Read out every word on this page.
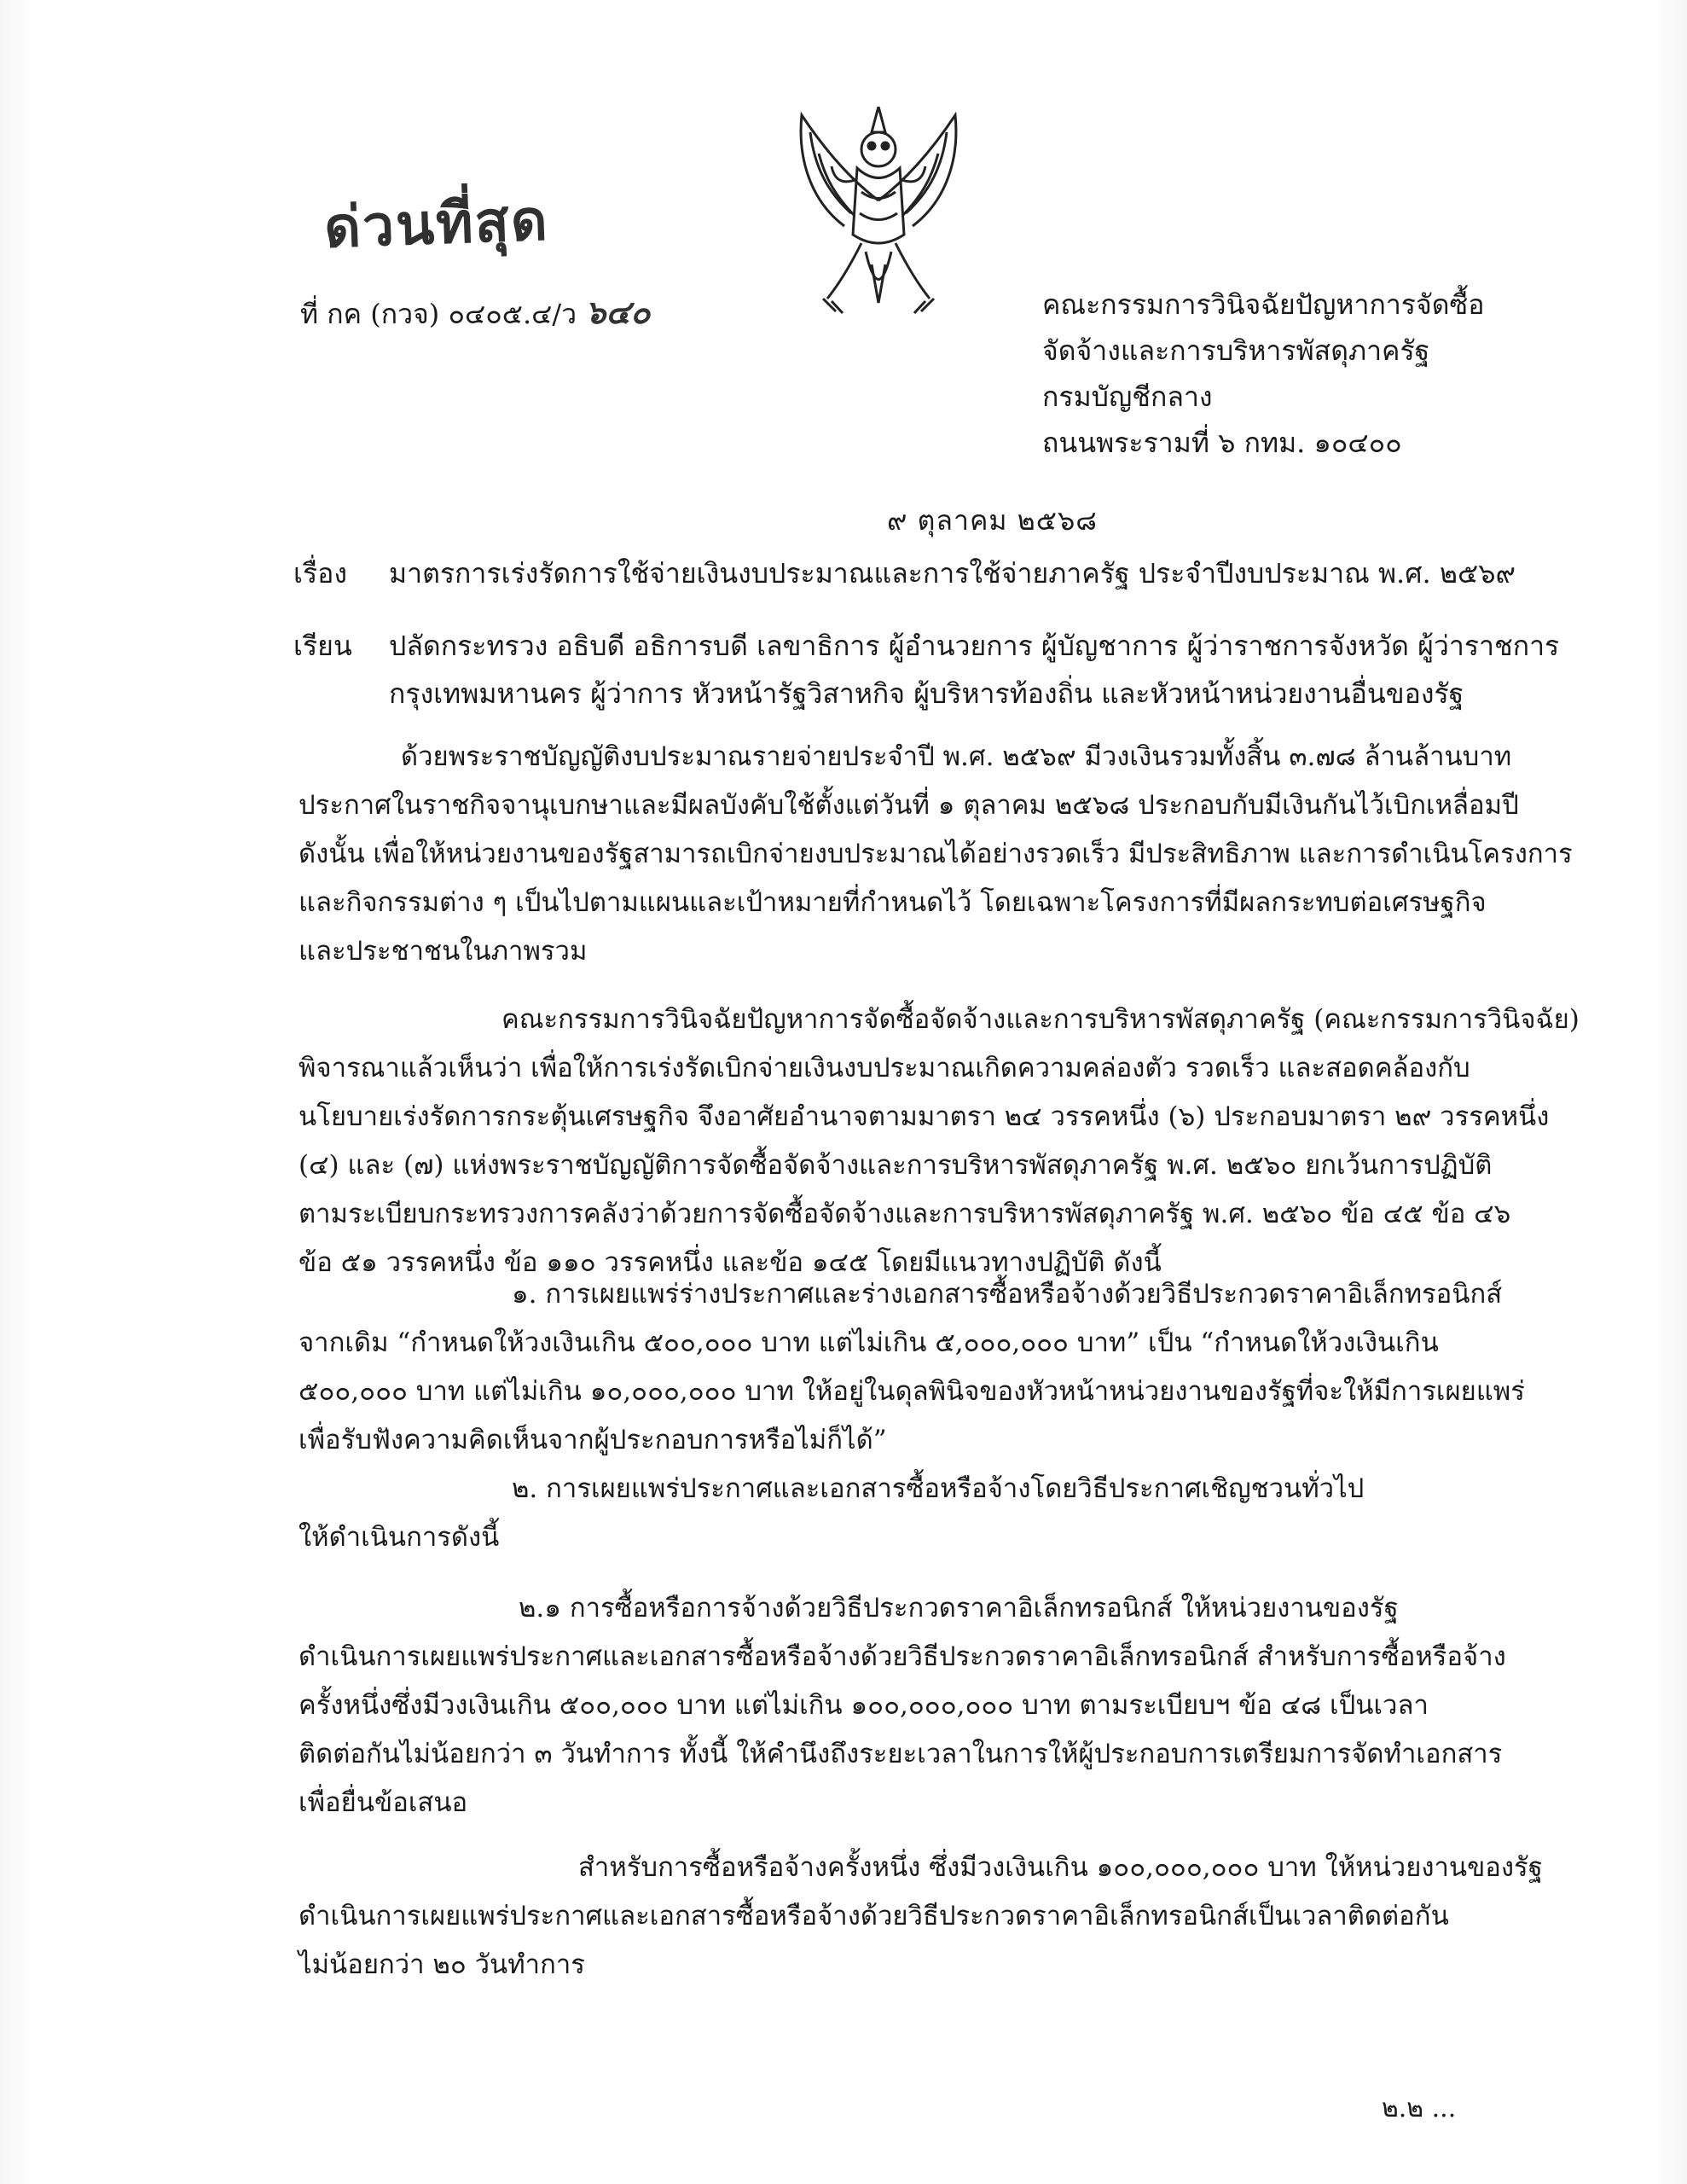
ด่วนที่สุด
ที่ กค (กวจ) ๐๔๐๕.๔/ว ๖๔๐	คณะกรรมการวินิจฉัยปัญหาการจัดซื้อ
จัดจ้างและการบริหารพัสดุภาครัฐ
กรมบัญชีกลาง
ถนนพระรามที่ ๖ กทม. ๑๐๔๐๐
๙ ตุลาคม ๒๕๖๘
เรื่อง มาตรการเร่งรัดการใช้จ่ายเงินงบประมาณและการใช้จ่ายภาครัฐ ประจำปีงบประมาณ พ.ศ. ๒๕๖๙
เรียน ปลัดกระทรวง อธิบดี อธิการบดี เลขาธิการ ผู้อำนวยการ ผู้บัญชาการ ผู้ว่าราชการจังหวัด ผู้ว่าราชการ
กรุงเทพมหานคร ผู้ว่าการ หัวหน้ารัฐวิสาหกิจ ผู้บริหารท้องถิ่น และหัวหน้าหน่วยงานอื่นของรัฐ
ด้วยพระราชบัญญัติงบประมาณรายจ่ายประจำปี พ.ศ. ๒๕๖๙ มีวงเงินรวมทั้งสิ้น ๓.๗๘ ล้านล้านบาท
ประกาศในราชกิจจานุเบกษาและมีผลบังคับใช้ตั้งแต่วันที่ ๑ ตุลาคม ๒๕๖๘ ประกอบกับมีเงินกันไว้เบิกเหลื่อมปี
ดังนั้น เพื่อให้หน่วยงานของรัฐสามารถเบิกจ่ายงบประมาณได้อย่างรวดเร็ว มีประสิทธิภาพ และการดำเนินโครงการ
และกิจกรรมต่าง ๆ เป็นไปตามแผนและเป้าหมายที่กำหนดไว้ โดยเฉพาะโครงการที่มีผลกระทบต่อเศรษฐกิจ
และประชาชนในภาพรวม
คณะกรรมการวินิจฉัยปัญหาการจัดซื้อจัดจ้างและการบริหารพัสดุภาครัฐ (คณะกรรมการวินิจฉัย)
พิจารณาแล้วเห็นว่า เพื่อให้การเร่งรัดเบิกจ่ายเงินงบประมาณเกิดความคล่องตัว รวดเร็ว และสอดคล้องกับ
นโยบายเร่งรัดการกระตุ้นเศรษฐกิจ จึงอาศัยอำนาจตามมาตรา ๒๔ วรรคหนึ่ง (๖) ประกอบมาตรา ๒๙ วรรคหนึ่ง
(๔) และ (๗) แห่งพระราชบัญญัติการจัดซื้อจัดจ้างและการบริหารพัสดุภาครัฐ พ.ศ. ๒๕๖๐ ยกเว้นการปฏิบัติ
ตามระเบียบกระทรวงการคลังว่าด้วยการจัดซื้อจัดจ้างและการบริหารพัสดุภาครัฐ พ.ศ. ๒๕๖๐ ข้อ ๔๕ ข้อ ๔๖
ข้อ ๕๑ วรรคหนึ่ง ข้อ ๑๑๐ วรรคหนึ่ง และข้อ ๑๔๕ โดยมีแนวทางปฏิบัติ ดังนี้
๑. การเผยแพร่ร่างประกาศและร่างเอกสารซื้อหรือจ้างด้วยวิธีประกวดราคาอิเล็กทรอนิกส์
จากเดิม “กำหนดให้วงเงินเกิน ๕๐๐,๐๐๐ บาท แต่ไม่เกิน ๕,๐๐๐,๐๐๐ บาท” เป็น “กำหนดให้วงเงินเกิน
๕๐๐,๐๐๐ บาท แต่ไม่เกิน ๑๐,๐๐๐,๐๐๐ บาท ให้อยู่ในดุลพินิจของหัวหน้าหน่วยงานของรัฐที่จะให้มีการเผยแพร่
เพื่อรับฟังความคิดเห็นจากผู้ประกอบการหรือไม่ก็ได้”
๒. การเผยแพร่ประกาศและเอกสารซื้อหรือจ้างโดยวิธีประกาศเชิญชวนทั่วไป
ให้ดำเนินการดังนี้
๒.๑ การซื้อหรือการจ้างด้วยวิธีประกวดราคาอิเล็กทรอนิกส์ ให้หน่วยงานของรัฐ
ดำเนินการเผยแพร่ประกาศและเอกสารซื้อหรือจ้างด้วยวิธีประกวดราคาอิเล็กทรอนิกส์ สำหรับการซื้อหรือจ้าง
ครั้งหนึ่งซึ่งมีวงเงินเกิน ๕๐๐,๐๐๐ บาท แต่ไม่เกิน ๑๐๐,๐๐๐,๐๐๐ บาท ตามระเบียบฯ ข้อ ๔๘ เป็นเวลา
ติดต่อกันไม่น้อยกว่า ๓ วันทำการ ทั้งนี้ ให้คำนึงถึงระยะเวลาในการให้ผู้ประกอบการเตรียมการจัดทำเอกสาร
เพื่อยื่นข้อเสนอ
สำหรับการซื้อหรือจ้างครั้งหนึ่ง ซึ่งมีวงเงินเกิน ๑๐๐,๐๐๐,๐๐๐ บาท ให้หน่วยงานของรัฐ
ดำเนินการเผยแพร่ประกาศและเอกสารซื้อหรือจ้างด้วยวิธีประกวดราคาอิเล็กทรอนิกส์เป็นเวลาติดต่อกัน
ไม่น้อยกว่า ๒๐ วันทำการ
๒.๒ ...
